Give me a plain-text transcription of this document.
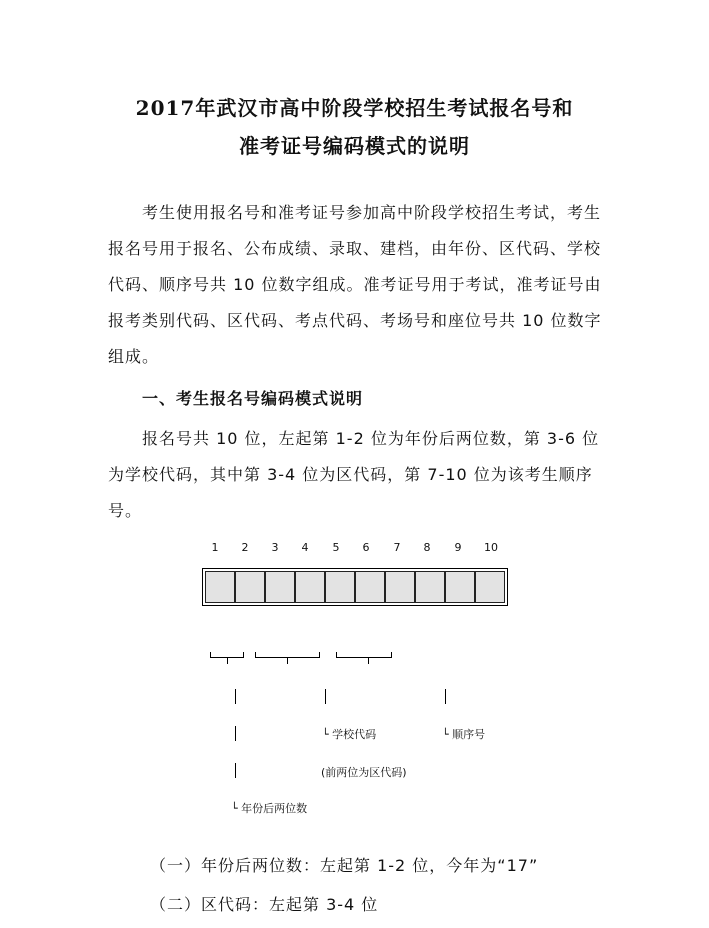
2017年武汉市高中阶段学校招生考试报名号和
准考证号编码模式的说明
考生使用报名号和准考证号参加高中阶段学校招生考试，考生报名号用于报名、公布成绩、录取、建档，由年份、区代码、学校代码、顺序号共 10 位数字组成。准考证号用于考试，准考证号由报考类别代码、区代码、考点代码、考场号和座位号共 10 位数字组成。
一、考生报名号编码模式说明
报名号共 10 位，左起第 1-2 位为年份后两位数，第 3-6 位为学校代码，其中第 3-4 位为区代码，第 7-10 位为该考生顺序号。
1	2	3	4	5	6	7	8	9	10
└ 学校代码	└ 顺序号
(前两位为区代码)
└ 年份后两位数
（一）年份后两位数：左起第 1-2 位，今年为“17”
（二）区代码：左起第 3-4 位
